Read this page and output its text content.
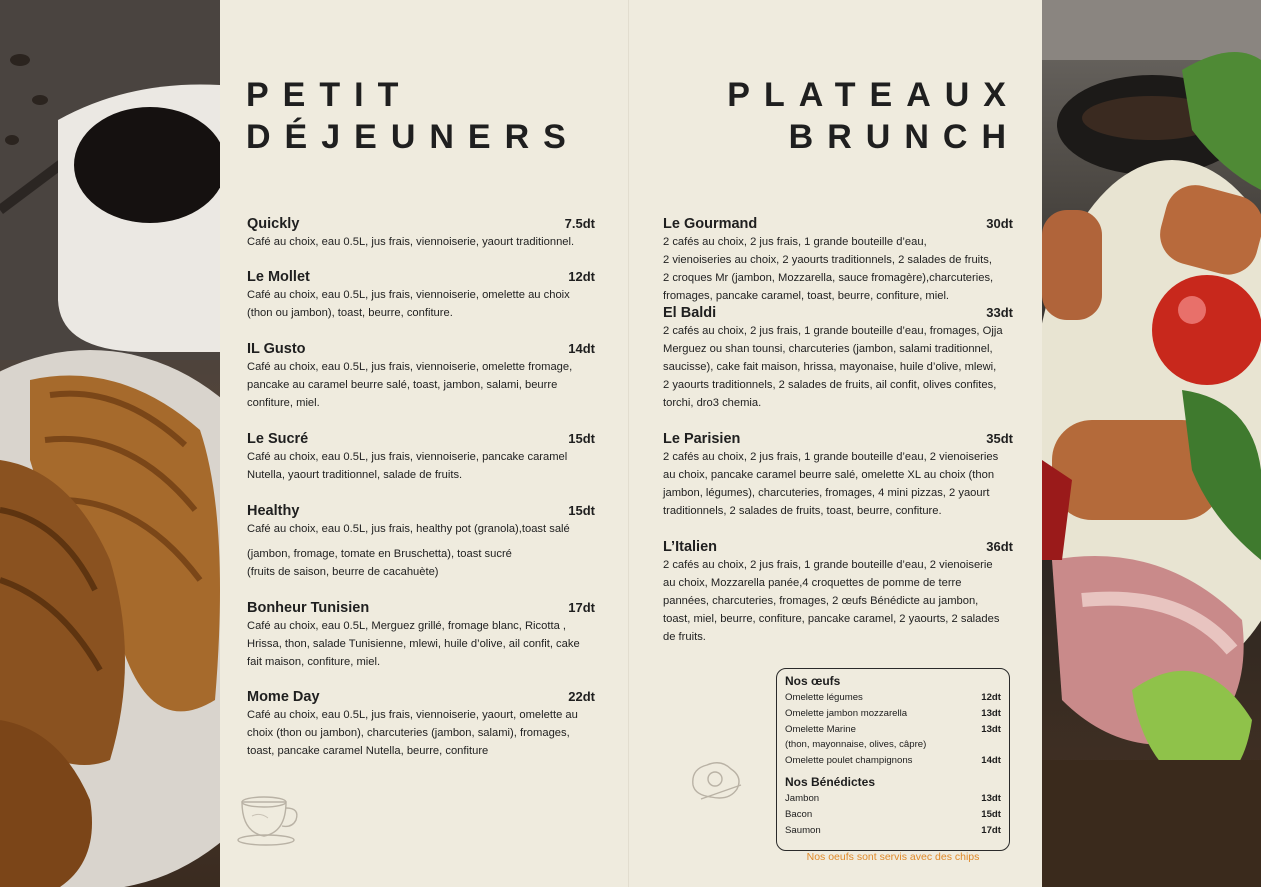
PETIT
DÉJEUNERS
Quickly	7.5dt
Café au choix, eau 0.5L, jus frais, viennoiserie, yaourt traditionnel.
Le Mollet	12dt
Café au choix, eau 0.5L, jus frais, viennoiserie, omelette au choix
(thon ou jambon), toast, beurre, confiture.
IL Gusto	14dt
Café au choix, eau 0.5L, jus frais, viennoiserie, omelette fromage,
pancake au caramel beurre salé, toast, jambon, salami, beurre
confiture, miel.
Le Sucré	15dt
Café au choix, eau 0.5L, jus frais, viennoiserie, pancake caramel
Nutella, yaourt traditionnel, salade de fruits.
Healthy	15dt
Café au choix, eau 0.5L, jus frais, healthy pot (granola),toast salé
(jambon, fromage, tomate en Bruschetta), toast sucré
(fruits de saison, beurre de cacahuète)
Bonheur Tunisien	17dt
Café au choix, eau 0.5L, Merguez grillé, fromage blanc, Ricotta ,
Hrissa, thon, salade Tunisienne, mlewi, huile d’olive, ail confit, cake
fait maison, confiture, miel.
Mome Day	22dt
Café au choix, eau 0.5L, jus frais, viennoiserie, yaourt, omelette au
choix (thon ou jambon), charcuteries (jambon, salami), fromages,
toast, pancake caramel Nutella, beurre, confiture
PLATEAUX
BRUNCH
Le Gourmand	30dt
2 cafés au choix, 2 jus frais, 1 grande bouteille d’eau,
2 vienoiseries au choix, 2 yaourts traditionnels, 2 salades de fruits,
2 croques Mr (jambon, Mozzarella, sauce fromagère),charcuteries,
fromages, pancake caramel, toast, beurre, confiture, miel.
El Baldi	33dt
2 cafés au choix, 2 jus frais, 1 grande bouteille d’eau, fromages, Ojja
Merguez ou shan tounsi, charcuteries (jambon, salami traditionnel,
saucisse), cake fait maison, hrissa, mayonaise, huile d’olive, mlewi,
2 yaourts traditionnels, 2 salades de fruits, ail confit, olives confites,
torchi, dro3 chemia.
Le Parisien	35dt
2 cafés au choix, 2 jus frais, 1 grande bouteille d’eau, 2 vienoiseries
au choix, pancake caramel beurre salé, omelette XL au choix (thon
jambon, légumes), charcuteries, fromages, 4 mini pizzas, 2 yaourt
traditionnels, 2 salades de fruits, toast, beurre, confiture.
L’Italien	36dt
2 cafés au choix, 2 jus frais, 1 grande bouteille d’eau, 2 vienoiserie
au choix, Mozzarella panée,4 croquettes de pomme de terre
pannées, charcuteries, fromages, 2 œufs Bénédicte au jambon,
toast, miel, beurre, confiture, pancake caramel, 2 yaourts, 2 salades
de fruits.
Nos œufs
Omelette légumes	12dt
Omelette jambon mozzarella	13dt
Omelette Marine	13dt
(thon, mayonnaise, olives, câpre)
Omelette poulet champignons	14dt
Nos Bénédictes
Jambon	13dt
Bacon	15dt
Saumon	17dt
Nos oeufs sont servis avec des chips
